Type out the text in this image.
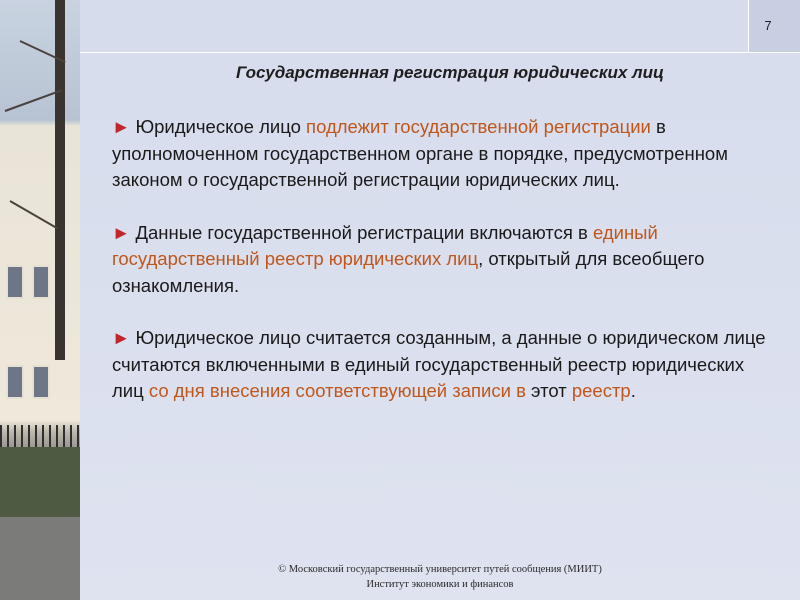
7
Государственная регистрация юридических лиц

► Юридическое лицо подлежит государственной регистрации в уполномоченном государственном органе в порядке, предусмотренном законом о государственной регистрации юридических лиц.

► Данные государственной регистрации включаются в единый государственный реестр юридических лиц, открытый для всеобщего ознакомления.

► Юридическое лицо считается созданным, а данные о юридическом лице считаются включенными в единый государственный реестр юридических лиц со дня внесения соответствующей записи в этот реестр.

© Московский государственный университет путей сообщения (МИИТ)
Институт экономики и финансов
